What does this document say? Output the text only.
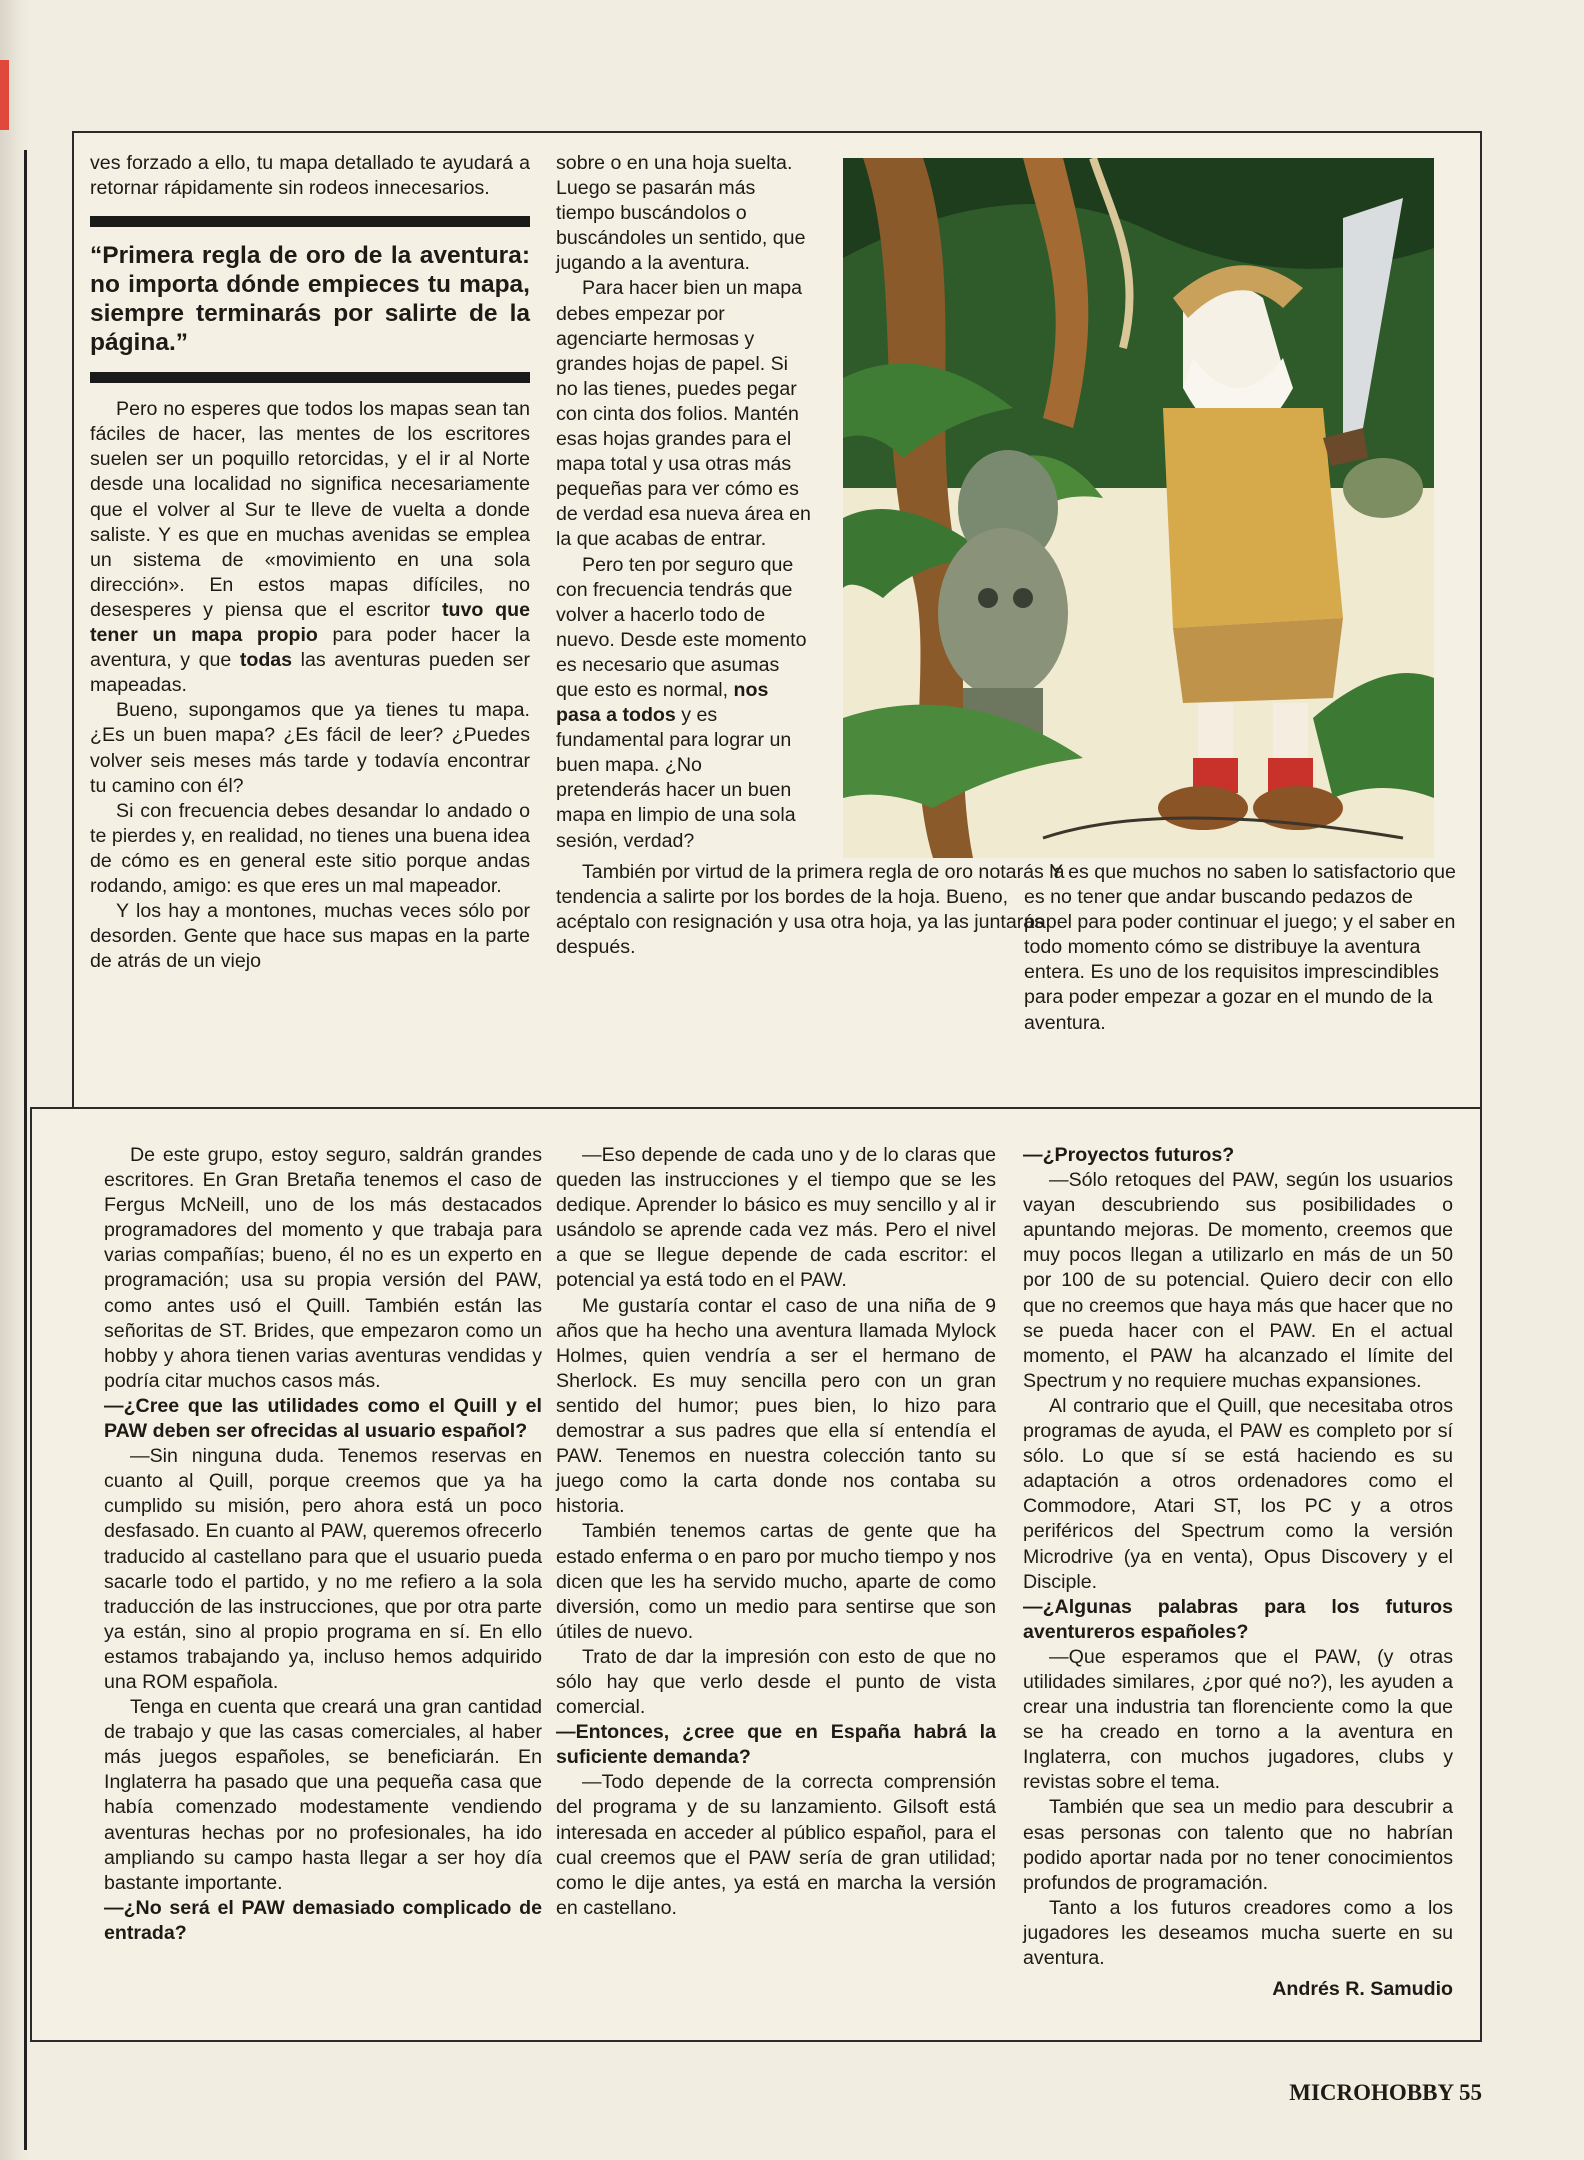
ves forzado a ello, tu mapa detallado te ayudará a retornar rápidamente sin rodeos innecesarios.

“Primera regla de oro de la aventura: no importa dónde empieces tu mapa, siempre terminarás por salirte de la página.”

Pero no esperes que todos los mapas sean tan fáciles de hacer, las mentes de los escritores suelen ser un poquillo retorcidas, y el ir al Norte desde una localidad no significa necesariamente que el volver al Sur te lleve de vuelta a donde saliste. Y es que en muchas avenidas se emplea un sistema de «movimiento en una sola dirección». En estos mapas difíciles, no desesperes y piensa que el escritor tuvo que tener un mapa propio para poder hacer la aventura, y que todas las aventuras pueden ser mapeadas.

Bueno, supongamos que ya tienes tu mapa. ¿Es un buen mapa? ¿Es fácil de leer? ¿Puedes volver seis meses más tarde y todavía encontrar tu camino con él?

Si con frecuencia debes desandar lo andado o te pierdes y, en realidad, no tienes una buena idea de cómo es en general este sitio porque andas rodando, amigo: es que eres un mal mapeador.

Y los hay a montones, muchas veces sólo por desorden. Gente que hace sus mapas en la parte de atrás de un viejo

sobre o en una hoja suelta. Luego se pasarán más tiempo buscándolos o buscándoles un sentido, que jugando a la aventura.

Para hacer bien un mapa debes empezar por agenciarte hermosas y grandes hojas de papel. Si no las tienes, puedes pegar con cinta dos folios. Mantén esas hojas grandes para el mapa total y usa otras más pequeñas para ver cómo es de verdad esa nueva área en la que acabas de entrar.

Pero ten por seguro que con frecuencia tendrás que volver a hacerlo todo de nuevo. Desde este momento es necesario que asumas que esto es normal, nos pasa a todos y es fundamental para lograr un buen mapa. ¿No pretenderás hacer un buen mapa en limpio de una sola sesión, verdad?

También por virtud de la primera regla de oro notarás la tendencia a salirte por los bordes de la hoja. Bueno, acéptalo con resignación y usa otra hoja, ya las juntarás después.

Y es que muchos no saben lo satisfactorio que es no tener que andar buscando pedazos de papel para poder continuar el juego; y el saber en todo momento cómo se distribuye la aventura entera. Es uno de los requisitos imprescindibles para poder empezar a gozar en el mundo de la aventura.

De este grupo, estoy seguro, saldrán grandes escritores. En Gran Bretaña tenemos el caso de Fergus McNeill, uno de los más destacados programadores del momento y que trabaja para varias compañías; bueno, él no es un experto en programación; usa su propia versión del PAW, como antes usó el Quill. También están las señoritas de ST. Brides, que empezaron como un hobby y ahora tienen varias aventuras vendidas y podría citar muchos casos más.

—¿Cree que las utilidades como el Quill y el PAW deben ser ofrecidas al usuario español?

—Sin ninguna duda. Tenemos reservas en cuanto al Quill, porque creemos que ya ha cumplido su misión, pero ahora está un poco desfasado. En cuanto al PAW, queremos ofrecerlo traducido al castellano para que el usuario pueda sacarle todo el partido, y no me refiero a la sola traducción de las instrucciones, que por otra parte ya están, sino al propio programa en sí. En ello estamos trabajando ya, incluso hemos adquirido una ROM española.

Tenga en cuenta que creará una gran cantidad de trabajo y que las casas comerciales, al haber más juegos españoles, se beneficiarán. En Inglaterra ha pasado que una pequeña casa que había comenzado modestamente vendiendo aventuras hechas por no profesionales, ha ido ampliando su campo hasta llegar a ser hoy día bastante importante.

—¿No será el PAW demasiado complicado de entrada?

—Eso depende de cada uno y de lo claras que queden las instrucciones y el tiempo que se les dedique. Aprender lo básico es muy sencillo y al ir usándolo se aprende cada vez más. Pero el nivel a que se llegue depende de cada escritor: el potencial ya está todo en el PAW.

Me gustaría contar el caso de una niña de 9 años que ha hecho una aventura llamada Mylock Holmes, quien vendría a ser el hermano de Sherlock. Es muy sencilla pero con un gran sentido del humor; pues bien, lo hizo para demostrar a sus padres que ella sí entendía el PAW. Tenemos en nuestra colección tanto su juego como la carta donde nos contaba su historia.

También tenemos cartas de gente que ha estado enferma o en paro por mucho tiempo y nos dicen que les ha servido mucho, aparte de como diversión, como un medio para sentirse que son útiles de nuevo.

Trato de dar la impresión con esto de que no sólo hay que verlo desde el punto de vista comercial.

—Entonces, ¿cree que en España habrá la suficiente demanda?

—Todo depende de la correcta comprensión del programa y de su lanzamiento. Gilsoft está interesada en acceder al público español, para el cual creemos que el PAW sería de gran utilidad; como le dije antes, ya está en marcha la versión en castellano.

—¿Proyectos futuros?

—Sólo retoques del PAW, según los usuarios vayan descubriendo sus posibilidades o apuntando mejoras. De momento, creemos que muy pocos llegan a utilizarlo en más de un 50 por 100 de su potencial. Quiero decir con ello que no creemos que haya más que hacer que no se pueda hacer con el PAW. En el actual momento, el PAW ha alcanzado el límite del Spectrum y no requiere muchas expansiones.

Al contrario que el Quill, que necesitaba otros programas de ayuda, el PAW es completo por sí sólo. Lo que sí se está haciendo es su adaptación a otros ordenadores como el Commodore, Atari ST, los PC y a otros periféricos del Spectrum como la versión Microdrive (ya en venta), Opus Discovery y el Disciple.

—¿Algunas palabras para los futuros aventureros españoles?

—Que esperamos que el PAW, (y otras utilidades similares, ¿por qué no?), les ayuden a crear una industria tan florenciente como la que se ha creado en torno a la aventura en Inglaterra, con muchos jugadores, clubs y revistas sobre el tema.

También que sea un medio para descubrir a esas personas con talento que no habrían podido aportar nada por no tener conocimientos profundos de programación.

Tanto a los futuros creadores como a los jugadores les deseamos mucha suerte en su aventura.

Andrés R. Samudio
MICROHOBBY 55
